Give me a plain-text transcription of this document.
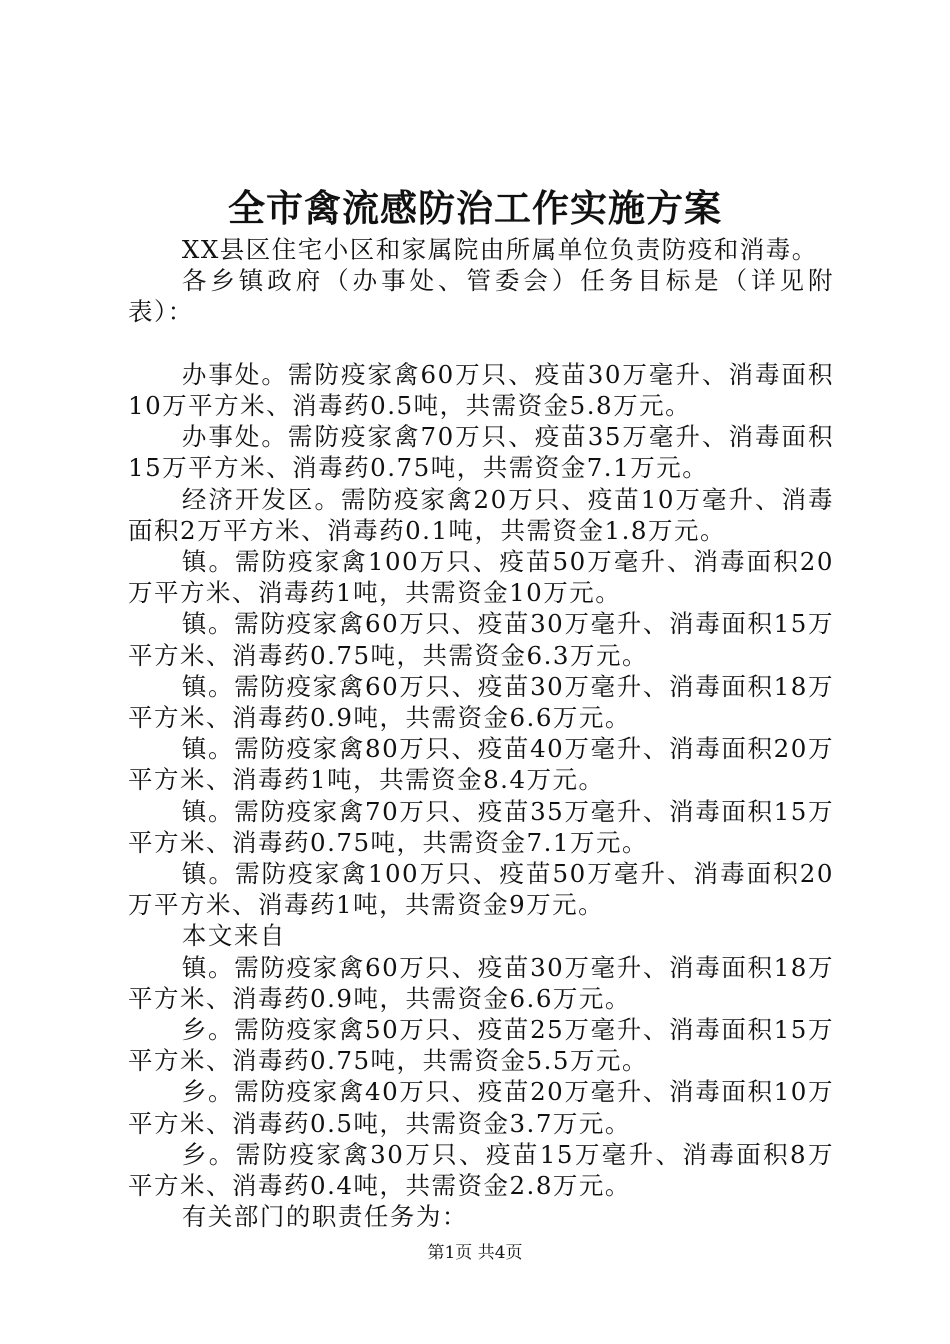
全市禽流感防治工作实施方案

XX县区住宅小区和家属院由所属单位负责防疫和消毒。

各乡镇政府（办事处、管委会）任务目标是（详见附表）：

办事处。需防疫家禽60万只、疫苗30万毫升、消毒面积10万平方米、消毒药0.5吨，共需资金5.8万元。

办事处。需防疫家禽70万只、疫苗35万毫升、消毒面积15万平方米、消毒药0.75吨，共需资金7.1万元。

经济开发区。需防疫家禽20万只、疫苗10万毫升、消毒面积2万平方米、消毒药0.1吨，共需资金1.8万元。

镇。需防疫家禽100万只、疫苗50万毫升、消毒面积20万平方米、消毒药1吨，共需资金10万元。

镇。需防疫家禽60万只、疫苗30万毫升、消毒面积15万平方米、消毒药0.75吨，共需资金6.3万元。

镇。需防疫家禽60万只、疫苗30万毫升、消毒面积18万平方米、消毒药0.9吨，共需资金6.6万元。

镇。需防疫家禽80万只、疫苗40万毫升、消毒面积20万平方米、消毒药1吨，共需资金8.4万元。

镇。需防疫家禽70万只、疫苗35万毫升、消毒面积15万平方米、消毒药0.75吨，共需资金7.1万元。

镇。需防疫家禽100万只、疫苗50万毫升、消毒面积20万平方米、消毒药1吨，共需资金9万元。

本文来自

镇。需防疫家禽60万只、疫苗30万毫升、消毒面积18万平方米、消毒药0.9吨，共需资金6.6万元。

乡。需防疫家禽50万只、疫苗25万毫升、消毒面积15万平方米、消毒药0.75吨，共需资金5.5万元。

乡。需防疫家禽40万只、疫苗20万毫升、消毒面积10万平方米、消毒药0.5吨，共需资金3.7万元。

乡。需防疫家禽30万只、疫苗15万毫升、消毒面积8万平方米、消毒药0.4吨，共需资金2.8万元。

有关部门的职责任务为：

第1页 共4页
